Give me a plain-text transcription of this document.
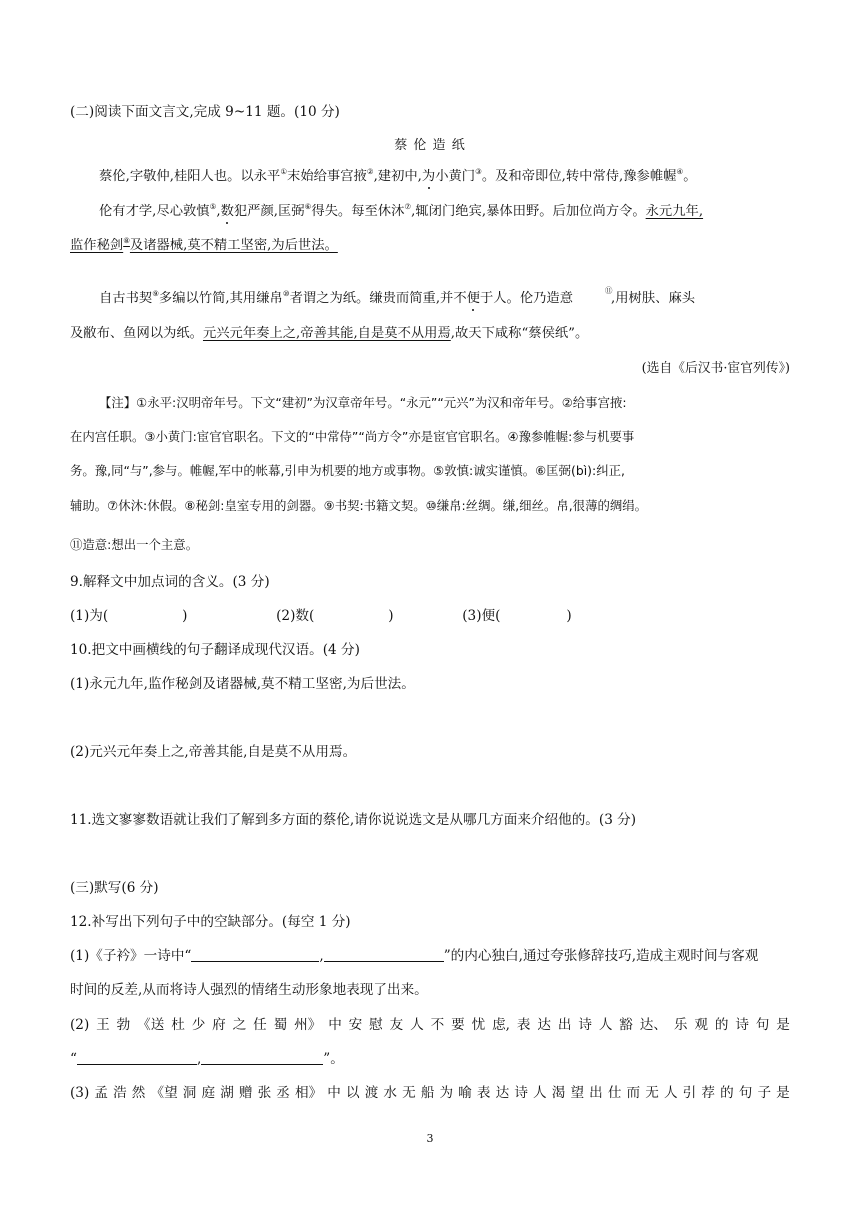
(二)阅读下面文言文,完成 9~11 题。(10 分)
蔡 伦 造 纸
蔡伦,字敬仲,桂阳人也。以永平①末始给事宫掖②,建初中,为小黄门③。及和帝即位,转中常侍,豫参帷幄④。
伦有才学,尽心敦慎⑤,数犯严颜,匡弼⑥得失。每至休沐⑦,辄闭门绝宾,暴体田野。后加位尚方令。永元九年,
监作秘剑⑧及诸器械,莫不精工坚密,为后世法。
自古书契⑨多编以竹简,其用缣帛⑩者谓之为纸。缣贵而简重,并不便于人。伦乃造意
⑪
,用树肤、麻头
及敝布、鱼网以为纸。元兴元年奏上之,帝善其能,自是莫不从用焉,故天下咸称“蔡侯纸”。
(选自《后汉书·宦官列传》)
【注】①永平:汉明帝年号。下文“建初”为汉章帝年号。“永元”“元兴”为汉和帝年号。②给事宫掖:
在内宫任职。③小黄门:宦官官职名。下文的“中常侍”“尚方令”亦是宦官官职名。④豫参帷幄:参与机要事
务。豫,同“与”,参与。帷幄,军中的帐幕,引申为机要的地方或事物。⑤敦慎:诚实谨慎。⑥匡弼(bì):纠正,
辅助。⑦休沐:休假。⑧秘剑:皇室专用的剑器。⑨书契:书籍文契。⑩缣帛:丝绸。缣,细丝。帛,很薄的绸绢。
⑪造意:想出一个主意。
9.解释文中加点词的含义。(3 分)
(1)为(	)	(2)数(	)	(3)便(	)
10.把文中画横线的句子翻译成现代汉语。(4 分)
(1)永元九年,监作秘剑及诸器械,莫不精工坚密,为后世法。
(2)元兴元年奏上之,帝善其能,自是莫不从用焉。
11.选文寥寥数语就让我们了解到多方面的蔡伦,请你说说选文是从哪几方面来介绍他的。(3 分)
(三)默写(6 分)
12.补写出下列句子中的空缺部分。(每空 1 分)
(1)《子衿》一诗中“	,	”的内心独白,通过夸张修辞技巧,造成主观时间与客观
时间的反差,从而将诗人强烈的情绪生动形象地表现了出来。
(2) 王 勃 《送 杜 少 府 之 任 蜀 州》 中 安 慰 友 人 不 要 忧 虑, 表 达 出 诗 人 豁 达、 乐 观 的 诗 句 是
“	,	”。
(3) 孟 浩 然 《望 洞 庭 湖 赠 张 丞 相》 中 以 渡 水 无 船 为 喻 表 达 诗 人 渴 望 出 仕 而 无 人 引 荐 的 句 子 是
3
